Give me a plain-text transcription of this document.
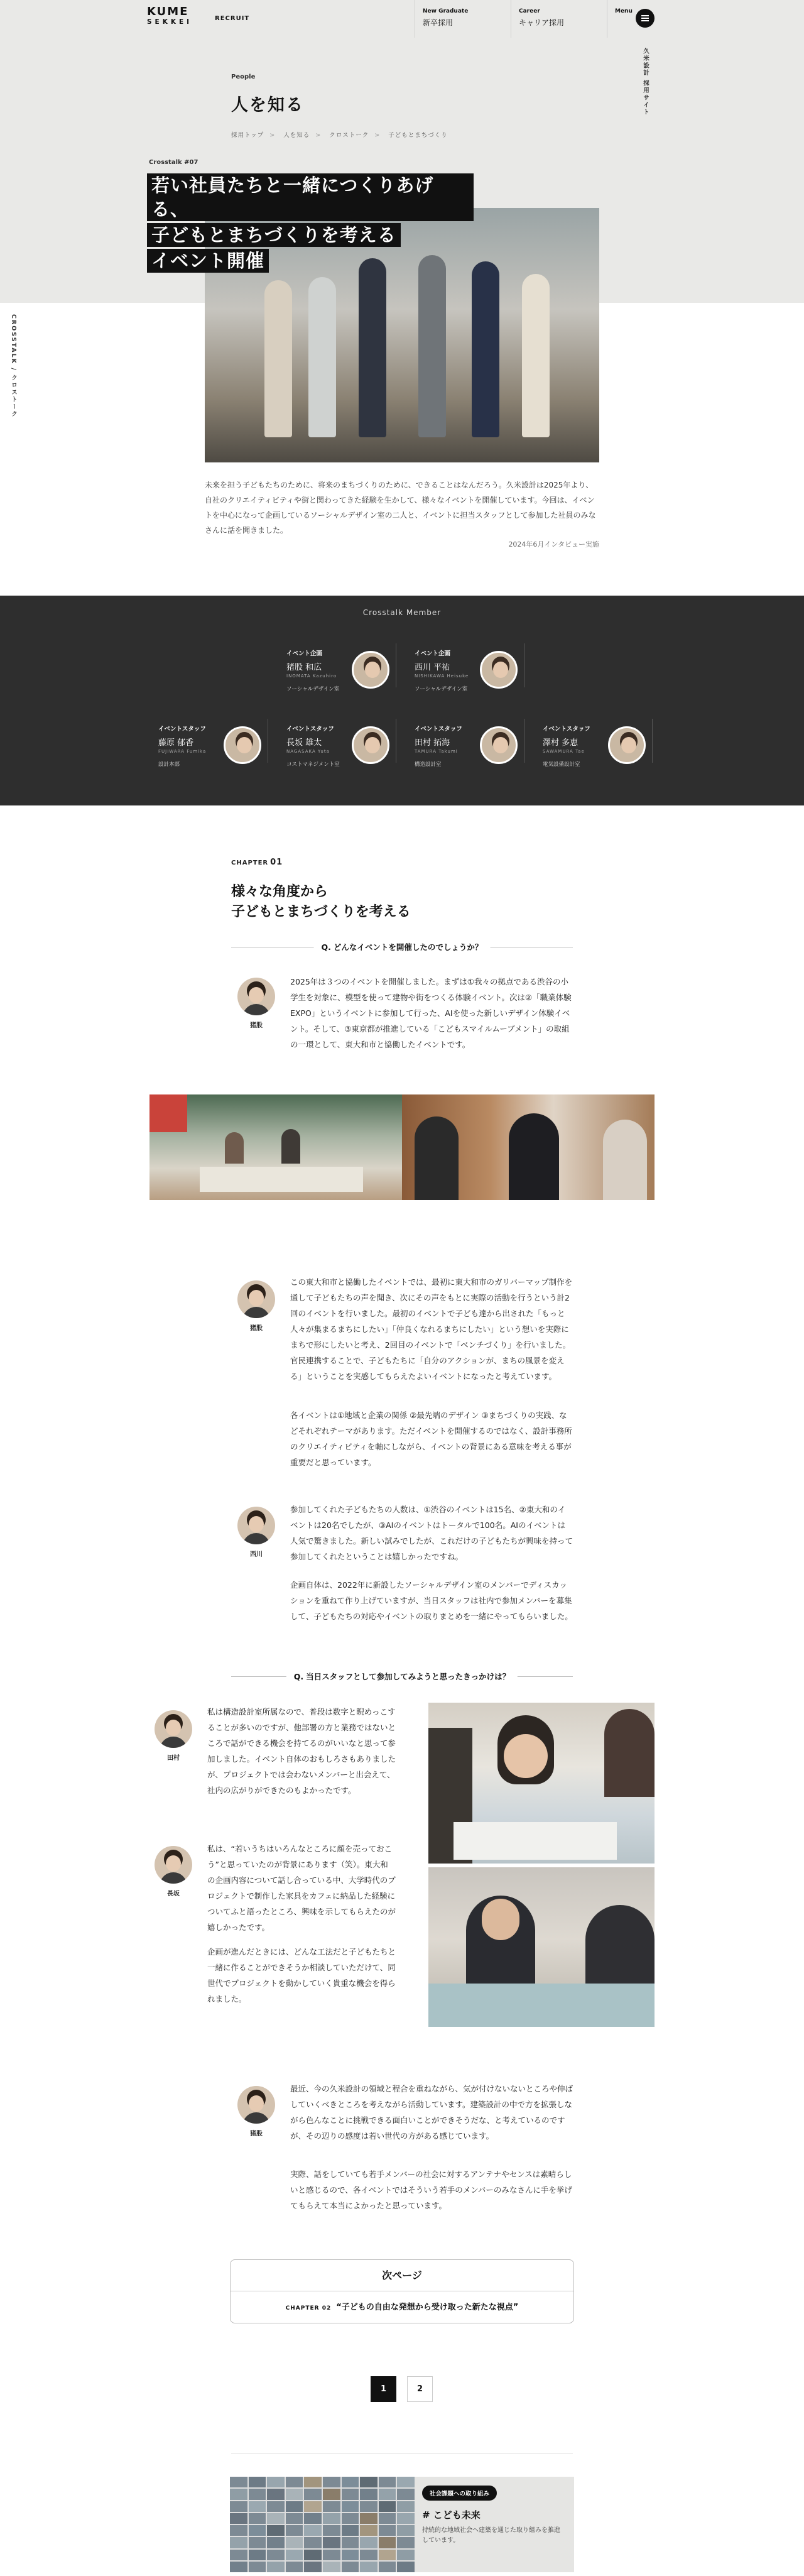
KUME
SEKKEI	RECRUIT
New Graduate
新卒採用
Career
キャリア採用
Menu
CROSSTALK / クロストーク
久米設計 採用サイト
People
人を知る
採用トップ > 人を知る > クロストーク > 子どもとまちづくり
Crosstalk #07
若い社員たちと一緒につくりあげる、
子どもとまちづくりを考える
イベント開催

未来を担う子どもたちのために、将来のまちづくりのために、できることはなんだろう。久米設計は2025年より、自社のクリエイティビティや街と関わってきた経験を生かして、様々なイベントを開催しています。今回は、イベントを中心になって企画しているソーシャルデザイン室の二人と、イベントに担当スタッフとして参加した社員のみなさんに話を聞きました。

2024年6月インタビュー実施
Crosstalk Member
イベント企画
猪股 和広
INOMATA Kazuhiro
ソーシャルデザイン室
イベント企画
西川 平祐
NISHIKAWA Heisuke
ソーシャルデザイン室
イベントスタッフ
藤原 郁香
FUJIWARA Fumika
設計本部
イベントスタッフ
長坂 雄太
NAGASAKA Yuta
コストマネジメント室
イベントスタッフ
田村 拓海
TAMURA Takumi
構造設計室
イベントスタッフ
澤村 多恵
SAWAMURA Tae
電気設備設計室
CHAPTER 01
様々な角度から
子どもとまちづくりを考える
Q. どんなイベントを開催したのでしょうか？
猪股

2025年は３つのイベントを開催しました。まずは①我々の拠点である渋谷の小学生を対象に、模型を使って建物や街をつくる体験イベント。次は②「職業体験EXPO」というイベントに参加して行った、AIを使った新しいデザイン体験イベント。そして、③東京都が推進している「こどもスマイルムーブメント」の取組の一環として、東大和市と協働したイベントです。

猪股

この東大和市と協働したイベントでは、最初に東大和市のガリバーマップ制作を通して子どもたちの声を聞き、次にその声をもとに実際の活動を行うという計2回のイベントを行いました。最初のイベントで子ども達から出された「もっと人々が集まるまちにしたい」「仲良くなれるまちにしたい」という想いを実際にまちで形にしたいと考え、2回目のイベントで「ベンチづくり」を行いました。官民連携することで、子どもたちに「自分のアクションが、まちの風景を変える」ということを実感してもらえたよいイベントになったと考えています。

各イベントは①地域と企業の関係 ②最先端のデザイン ③まちづくりの実践、などそれぞれテーマがあります。ただイベントを開催するのではなく、設計事務所のクリエイティビティを軸にしながら、イベントの背景にある意味を考える事が重要だと思っています。

西川

参加してくれた子どもたちの人数は、①渋谷のイベントは15名、②東大和のイベントは20名でしたが、③AIのイベントはトータルで100名。AIのイベントは人気で驚きました。新しい試みでしたが、これだけの子どもたちが興味を持って参加してくれたということは嬉しかったですね。

企画自体は、2022年に新設したソーシャルデザイン室のメンバーでディスカッションを重ねて作り上げていますが、当日スタッフは社内で参加メンバーを募集して、子どもたちの対応やイベントの取りまとめを一緒にやってもらいました。

Q. 当日スタッフとして参加してみようと思ったきっかけは？
田村

私は構造設計室所属なので、普段は数字と睨めっこすることが多いのですが、他部署の方と業務ではないところで話ができる機会を持てるのがいいなと思って参加しました。イベント自体のおもしろさもありましたが、プロジェクトでは会わないメンバーと出会えて、社内の広がりができたのもよかったです。

長坂

私は、“若いうちはいろんなところに顔を売っておこう”と思っていたのが背景にあります（笑）。東大和の企画内容について話し合っている中、大学時代のプロジェクトで制作した家具をカフェに納品した経験についてふと語ったところ、興味を示してもらえたのが嬉しかったです。

企画が進んだときには、どんな工法だと子どもたちと一緒に作ることができそうか相談していただけて、同世代でプロジェクトを動かしていく貴重な機会を得られました。

猪股

最近、今の久米設計の領域と程合を重ねながら、気が付けないないところや伸ばしていくべきところを考えながら活動しています。建築設計の中で方を拡張しながら色んなことに挑戦できる面白いことができそうだな、と考えているのですが、その辺りの感度は若い世代の方がある感じています。

実際、話をしていても若手メンバーの社会に対するアンテナやセンスは素晴らしいと感じるので、各イベントではそういう若手のメンバーのみなさんに手を挙げてもらえて本当によかったと思っています。

次ページ
CHAPTER 02 “子どもの自由な発想から受け取った新たな視点”
1	2
社会課題への取り組み
# こども未来
持続的な地域社会へ建築を通じた取り組みを推進しています。
